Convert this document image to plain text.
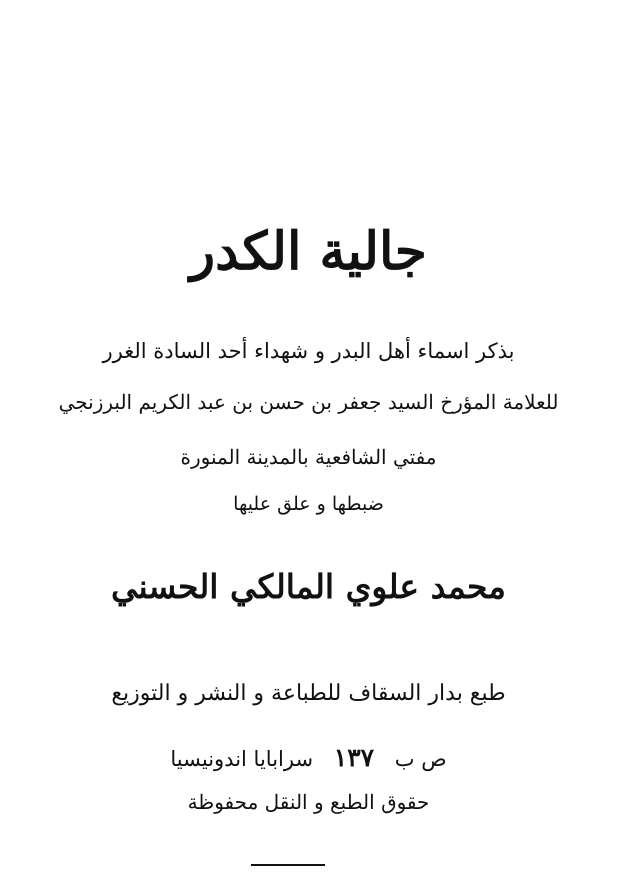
جالية الكدر
بذكر اسماء أهل البدر و شهداء أحد السادة الغرر
للعلامة المؤرخ السيد جعفر بن حسن بن عبد الكريم البرزنجي
مفتي الشافعية بالمدينة المنورة
ضبطها و علق عليها
محمد علوي المالكي الحسني
طبع بدار السقاف للطباعة و النشر و التوزيع
ص ب ١٣٧ سرابايا اندونيسيا
حقوق الطبع و النقل محفوظة
